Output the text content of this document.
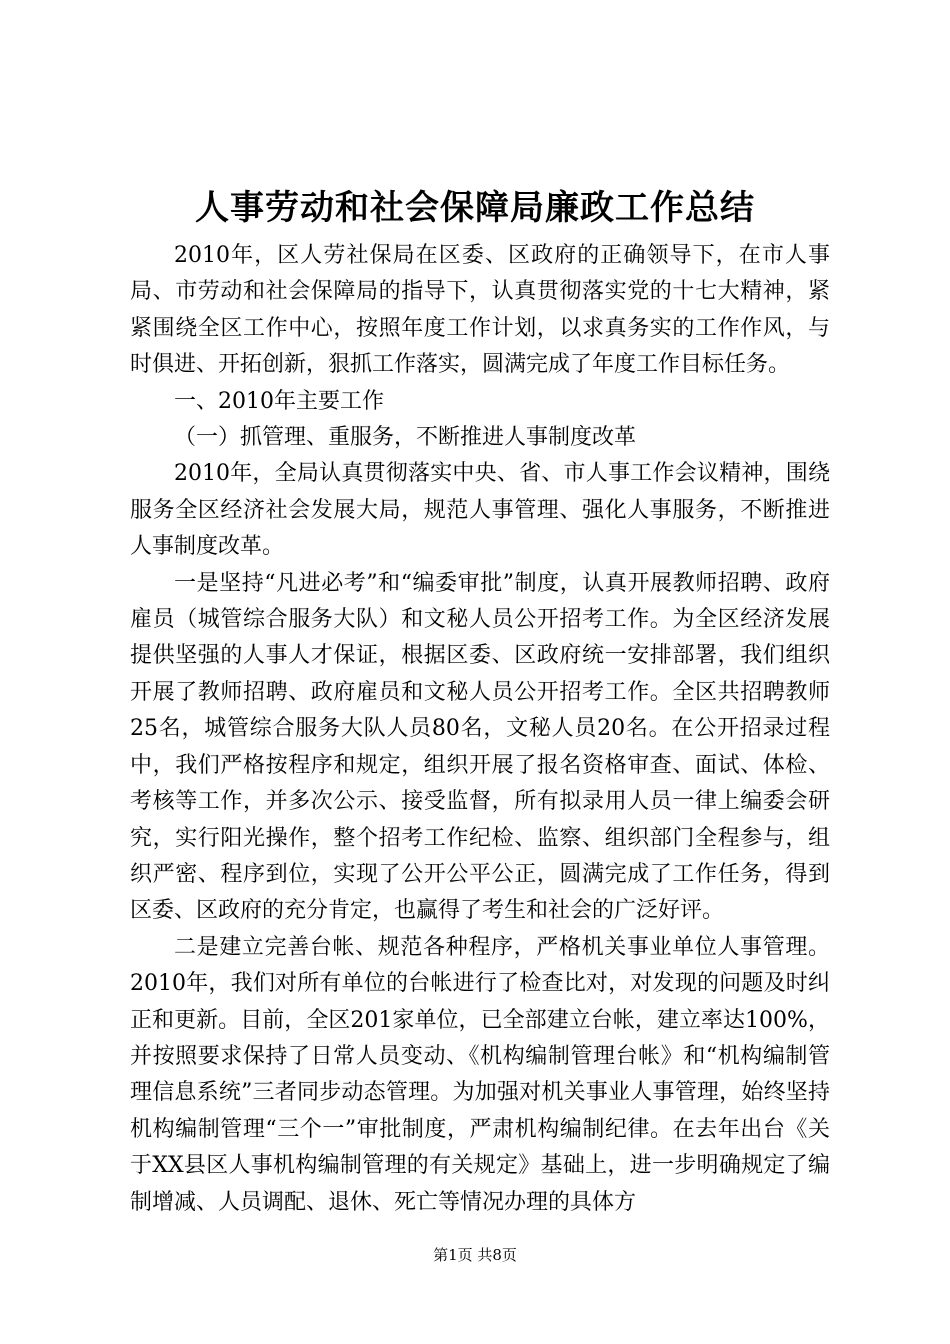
人事劳动和社会保障局廉政工作总结

2010年，区人劳社保局在区委、区政府的正确领导下，在市人事局、市劳动和社会保障局的指导下，认真贯彻落实党的十七大精神，紧紧围绕全区工作中心，按照年度工作计划，以求真务实的工作作风，与时俱进、开拓创新，狠抓工作落实，圆满完成了年度工作目标任务。

一、2010年主要工作

（一）抓管理、重服务，不断推进人事制度改革

2010年，全局认真贯彻落实中央、省、市人事工作会议精神，围绕服务全区经济社会发展大局，规范人事管理、强化人事服务，不断推进人事制度改革。

一是坚持“凡进必考”和“编委审批”制度，认真开展教师招聘、政府雇员（城管综合服务大队）和文秘人员公开招考工作。为全区经济发展提供坚强的人事人才保证，根据区委、区政府统一安排部署，我们组织开展了教师招聘、政府雇员和文秘人员公开招考工作。全区共招聘教师25名，城管综合服务大队人员80名，文秘人员20名。在公开招录过程中，我们严格按程序和规定，组织开展了报名资格审查、面试、体检、考核等工作，并多次公示、接受监督，所有拟录用人员一律上编委会研究，实行阳光操作，整个招考工作纪检、监察、组织部门全程参与，组织严密、程序到位，实现了公开公平公正，圆满完成了工作任务，得到区委、区政府的充分肯定，也赢得了考生和社会的广泛好评。

二是建立完善台帐、规范各种程序，严格机关事业单位人事管理。2010年，我们对所有单位的台帐进行了检查比对，对发现的问题及时纠正和更新。目前，全区201家单位，已全部建立台帐，建立率达100%，并按照要求保持了日常人员变动、《机构编制管理台帐》和“机构编制管理信息系统”三者同步动态管理。为加强对机关事业人事管理，始终坚持机构编制管理“三个一”审批制度，严肃机构编制纪律。在去年出台《关于XX县区人事机构编制管理的有关规定》基础上，进一步明确规定了编制增减、人员调配、退休、死亡等情况办理的具体方

第1页 共8页
